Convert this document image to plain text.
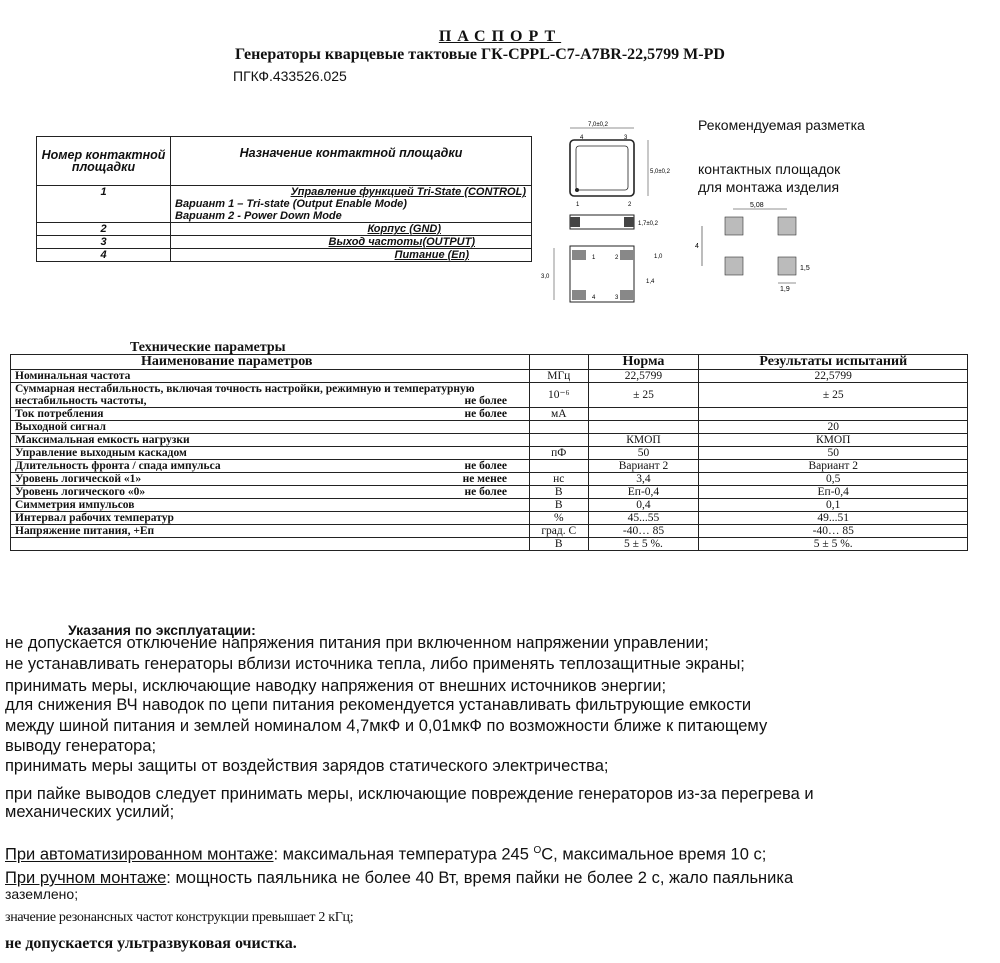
ПАСПОРТ
Генераторы кварцевые тактовые ГК-CPPL-C7-A7BR-22,5799 M-PD
ПГКФ.433526.025
Номер контактной площадки	Назначение контактной площадки
1	Управление функцией Tri-State (CONTROL)
Вариант 1 – Tri-state (Output Enable Mode)
Вариант 2 - Power Down Mode

2	Корпус (GND)
3	Выход частоты(OUTPUT)
4	Питание (En)
7,0±0,2
4	3
1	2
5,0±0,2
1,7±0,2
1	2
4	3
3,0
1,0
1,4
Рекомендуемая разметка
контактных площадок
для монтажа изделия
5,08
4
1,5
1,9
Технические параметры
Наименование параметров		Норма	Результаты испытаний
Номинальная частота	МГц	22,5799	22,5799
Суммарная нестабильность, включая точность настройки, режимную и температурную нестабильность частоты, не более	10⁻⁶	± 25	± 25
Ток потребления не более	мА		
Выходной сигнал			20
Максимальная емкость нагрузки		КМОП	КМОП
Управление выходным каскадом	пФ	50	50
Длительность фронта / спада импульса не более		Вариант 2	Вариант 2
Уровень логической «1» не менее	нс	3,4	0,5
Уровень логического «0» не более	В	Еп-0,4	Еп-0,4
Симметрия импульсов	В	0,4	0,1
Интервал рабочих температур	%	45...55	49...51
Напряжение питания, +Еп	град. С	-40… 85	-40… 85
	В	5 ± 5 %.	5 ± 5 %.
Указания по эксплуатации:
не допускается отключение напряжения питания при включенном напряжении управлении;
не устанавливать генераторы вблизи источника тепла, либо применять теплозащитные экраны;
принимать меры, исключающие наводку напряжения от внешних источников энергии;
для снижения ВЧ наводок по цепи питания рекомендуется устанавливать фильтрующие емкости
между шиной питания и землей номиналом 4,7мкФ и 0,01мкФ по возможности ближе к питающему
выводу генератора;
принимать меры защиты от воздействия зарядов статического электричества;
при пайке выводов следует принимать меры, исключающие повреждение генераторов из-за перегрева и
механических усилий;
При автоматизированном монтаже: максимальная температура 245 $^О$С, максимальное время 10 с;
При ручном монтаже: мощность паяльника не более 40 Вт, время пайки не более 2 с, жало паяльника
заземлено;
значение резонансных частот конструкции превышает 2 кГц;
не допускается ультразвуковая очистка.
